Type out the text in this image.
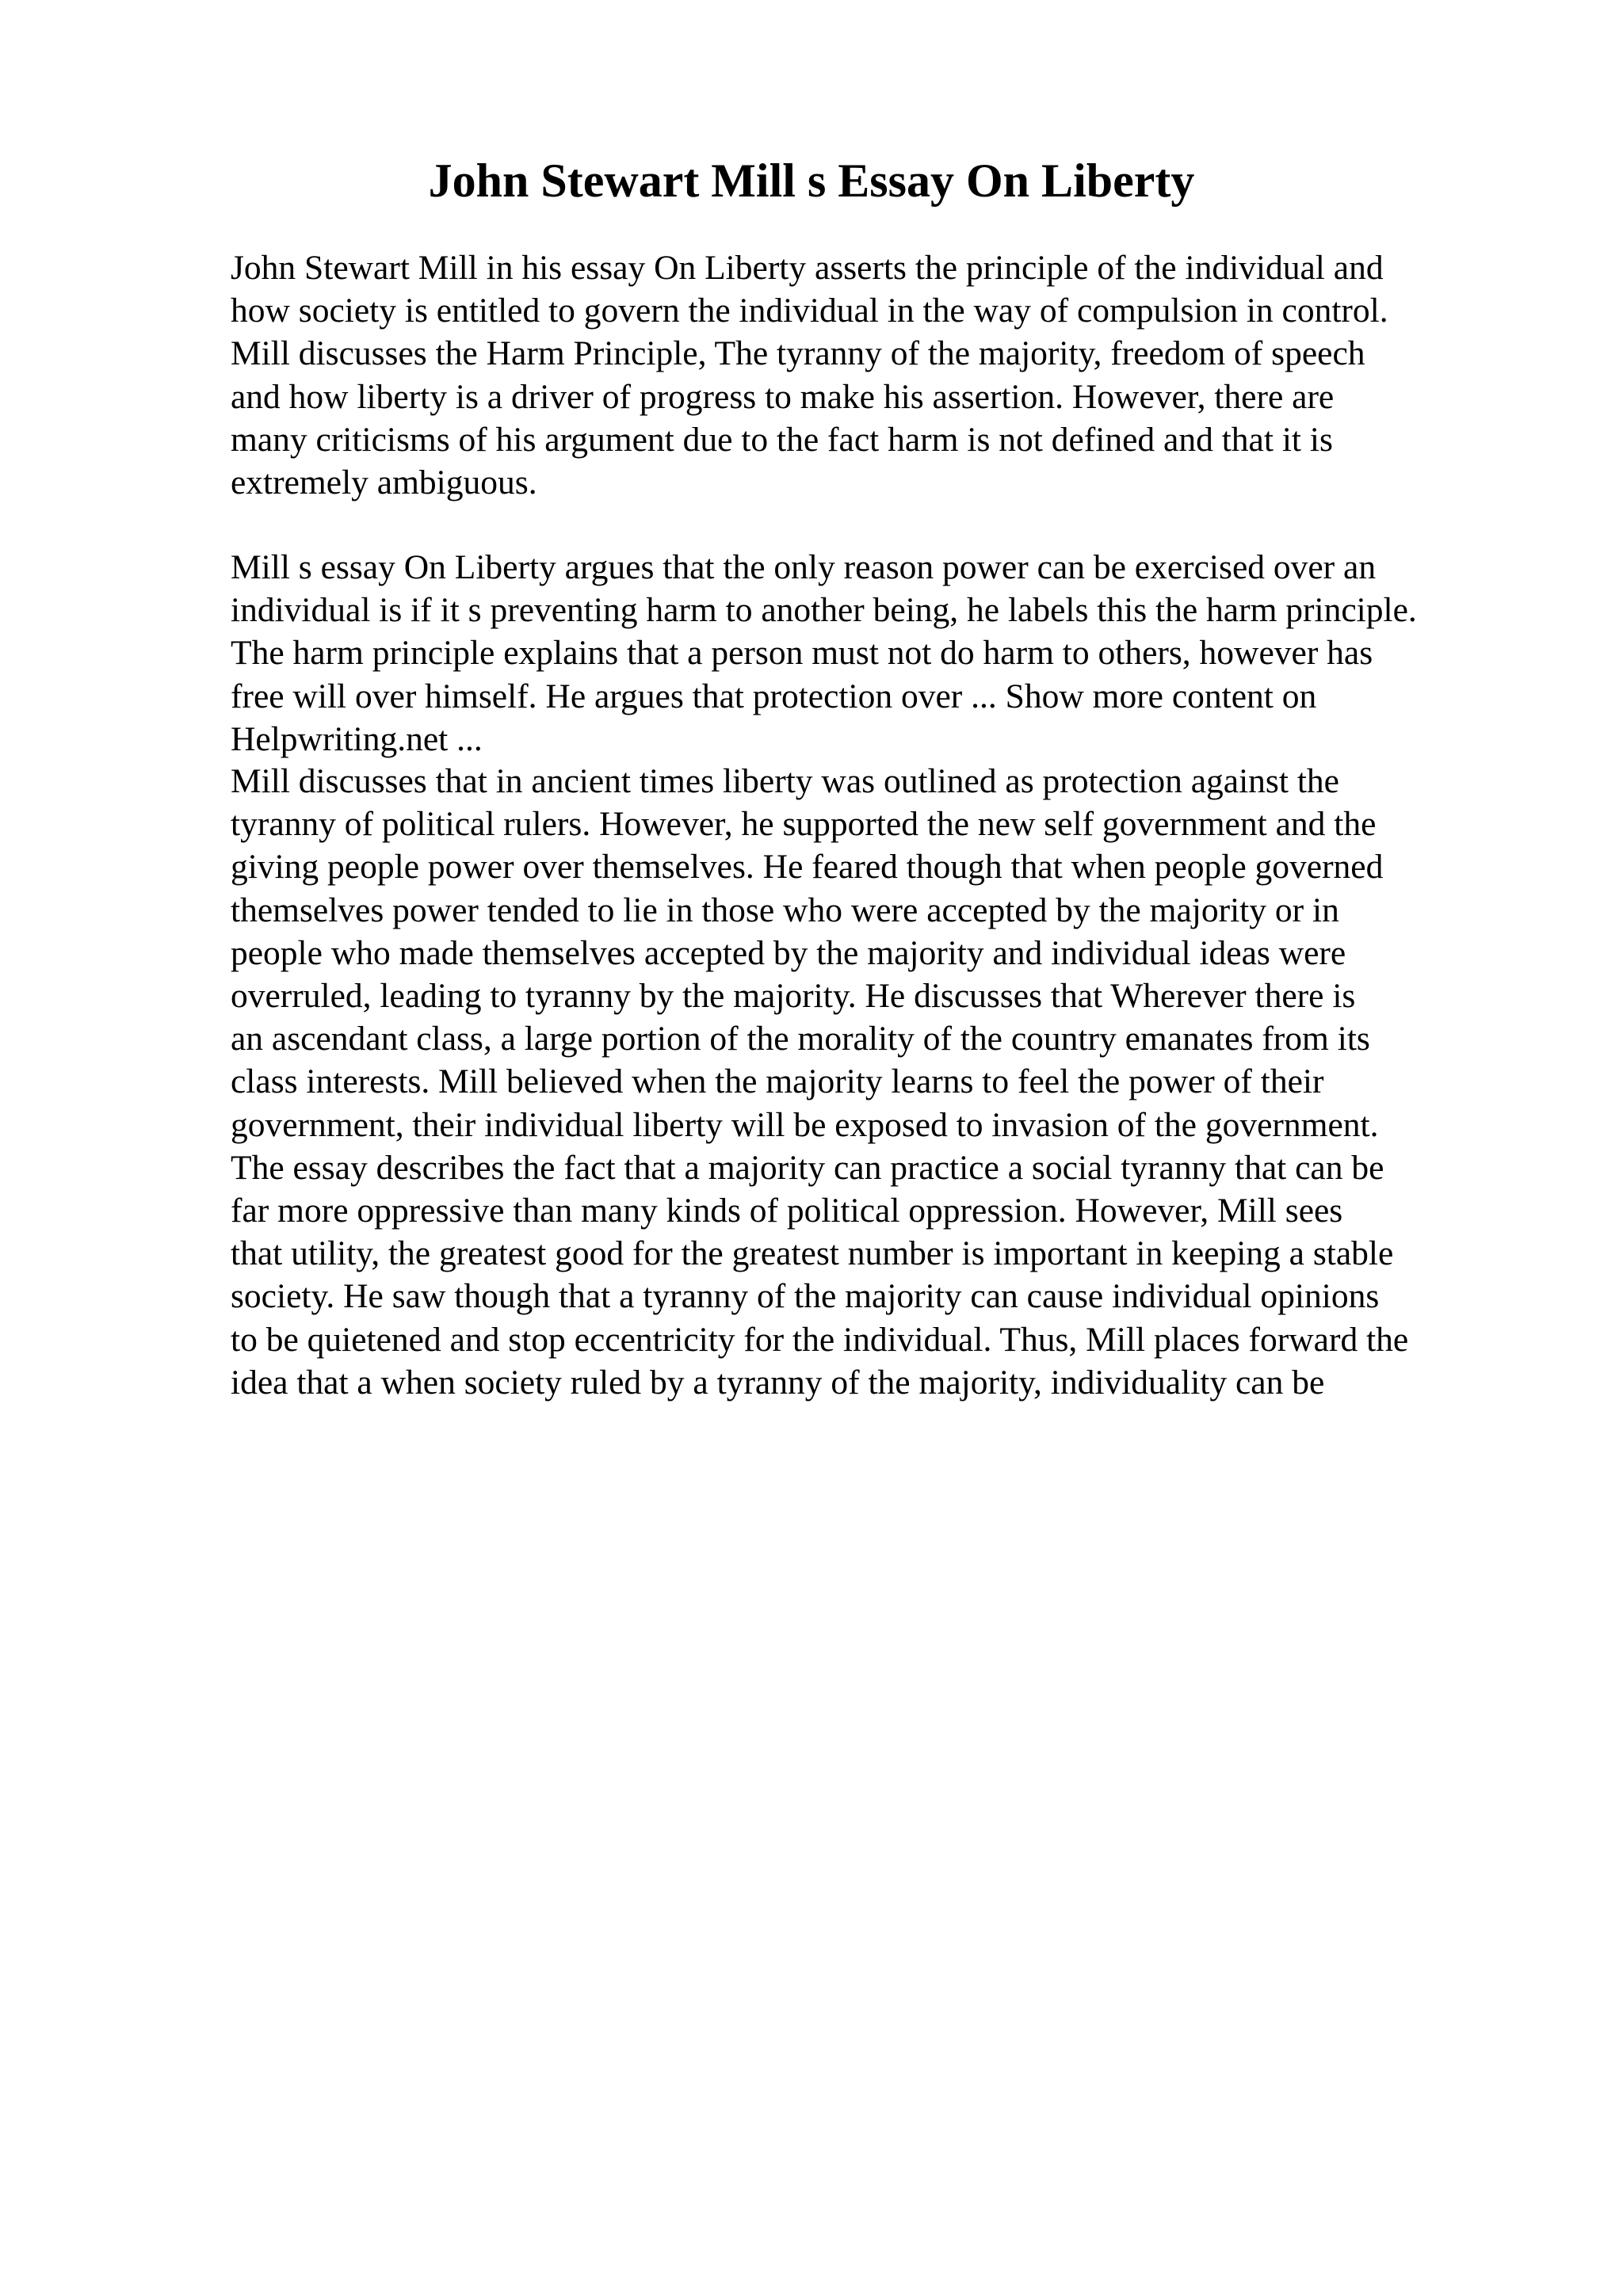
John Stewart Mill s Essay On Liberty

John Stewart Mill in his essay On Liberty asserts the principle of the individual and
how society is entitled to govern the individual in the way of compulsion in control.
Mill discusses the Harm Principle, The tyranny of the majority, freedom of speech
and how liberty is a driver of progress to make his assertion. However, there are
many criticisms of his argument due to the fact harm is not defined and that it is
extremely ambiguous.

Mill s essay On Liberty argues that the only reason power can be exercised over an
individual is if it s preventing harm to another being, he labels this the harm principle.
The harm principle explains that a person must not do harm to others, however has
free will over himself. He argues that protection over ... Show more content on
Helpwriting.net ...

Mill discusses that in ancient times liberty was outlined as protection against the
tyranny of political rulers. However, he supported the new self government and the
giving people power over themselves. He feared though that when people governed
themselves power tended to lie in those who were accepted by the majority or in
people who made themselves accepted by the majority and individual ideas were
overruled, leading to tyranny by the majority. He discusses that Wherever there is
an ascendant class, a large portion of the morality of the country emanates from its
class interests. Mill believed when the majority learns to feel the power of their
government, their individual liberty will be exposed to invasion of the government.
The essay describes the fact that a majority can practice a social tyranny that can be
far more oppressive than many kinds of political oppression. However, Mill sees
that utility, the greatest good for the greatest number is important in keeping a stable
society. He saw though that a tyranny of the majority can cause individual opinions
to be quietened and stop eccentricity for the individual. Thus, Mill places forward the
idea that a when society ruled by a tyranny of the majority, individuality can be
